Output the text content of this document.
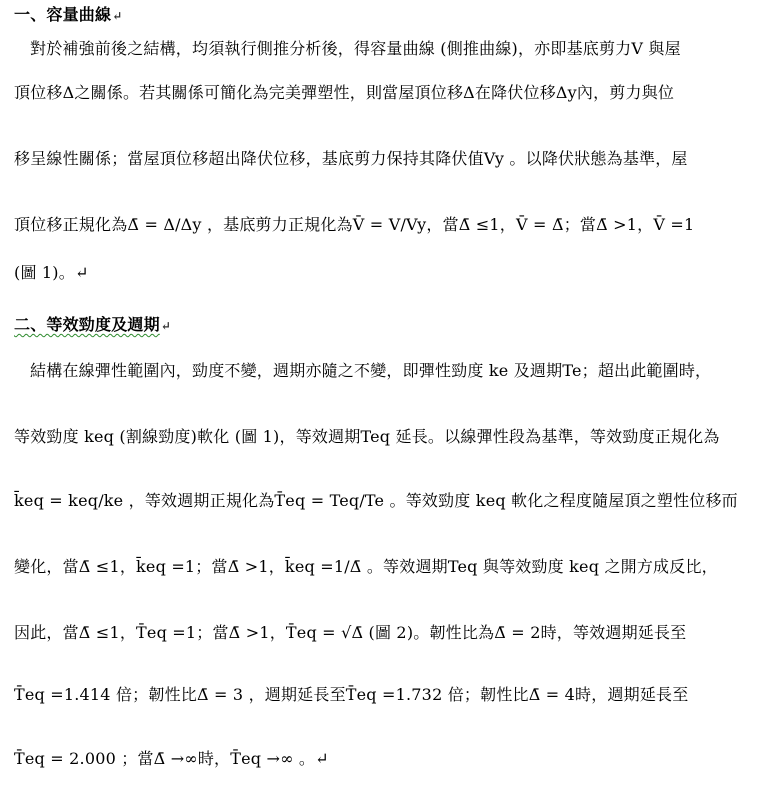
一、容量曲線↵
對於補強前後之結構，均須執行側推分析後，得容量曲線 (側推曲線)，亦即基底剪力V 與屋
頂位移Δ之關係。若其關係可簡化為完美彈塑性，則當屋頂位移Δ在降伏位移Δy內，剪力與位
移呈線性關係；當屋頂位移超出降伏位移，基底剪力保持其降伏值Vy 。以降伏狀態為基準，屋
頂位移正規化為Δ̄ = Δ/Δy ，基底剪力正規化為V̄ = V/Vy，當Δ̄ ≤1，V̄ = Δ̄；當Δ̄ >1，V̄ =1
(圖 1)。↵
二、等效勁度及週期↵
結構在線彈性範圍內，勁度不變，週期亦隨之不變，即彈性勁度 ke 及週期Te；超出此範圍時，
等效勁度 keq (割線勁度)軟化 (圖 1)，等效週期Teq 延長。以線彈性段為基準，等效勁度正規化為
k̄eq = keq/ke ，等效週期正規化為T̄eq = Teq/Te 。等效勁度 keq 軟化之程度隨屋頂之塑性位移而
變化，當Δ̄ ≤1，k̄eq =1；當Δ̄ >1，k̄eq =1/Δ̄ 。等效週期Teq 與等效勁度 keq 之開方成反比，
因此，當Δ̄ ≤1，T̄eq =1；當Δ̄ >1，T̄eq = √Δ̄ (圖 2)。韌性比為Δ̄ = 2時，等效週期延長至
T̄eq =1.414 倍；韌性比Δ̄ = 3 ，週期延長至T̄eq =1.732 倍；韌性比Δ̄ = 4時，週期延長至
T̄eq = 2.000 ；當Δ̄ →∞時，T̄eq →∞ 。↵
